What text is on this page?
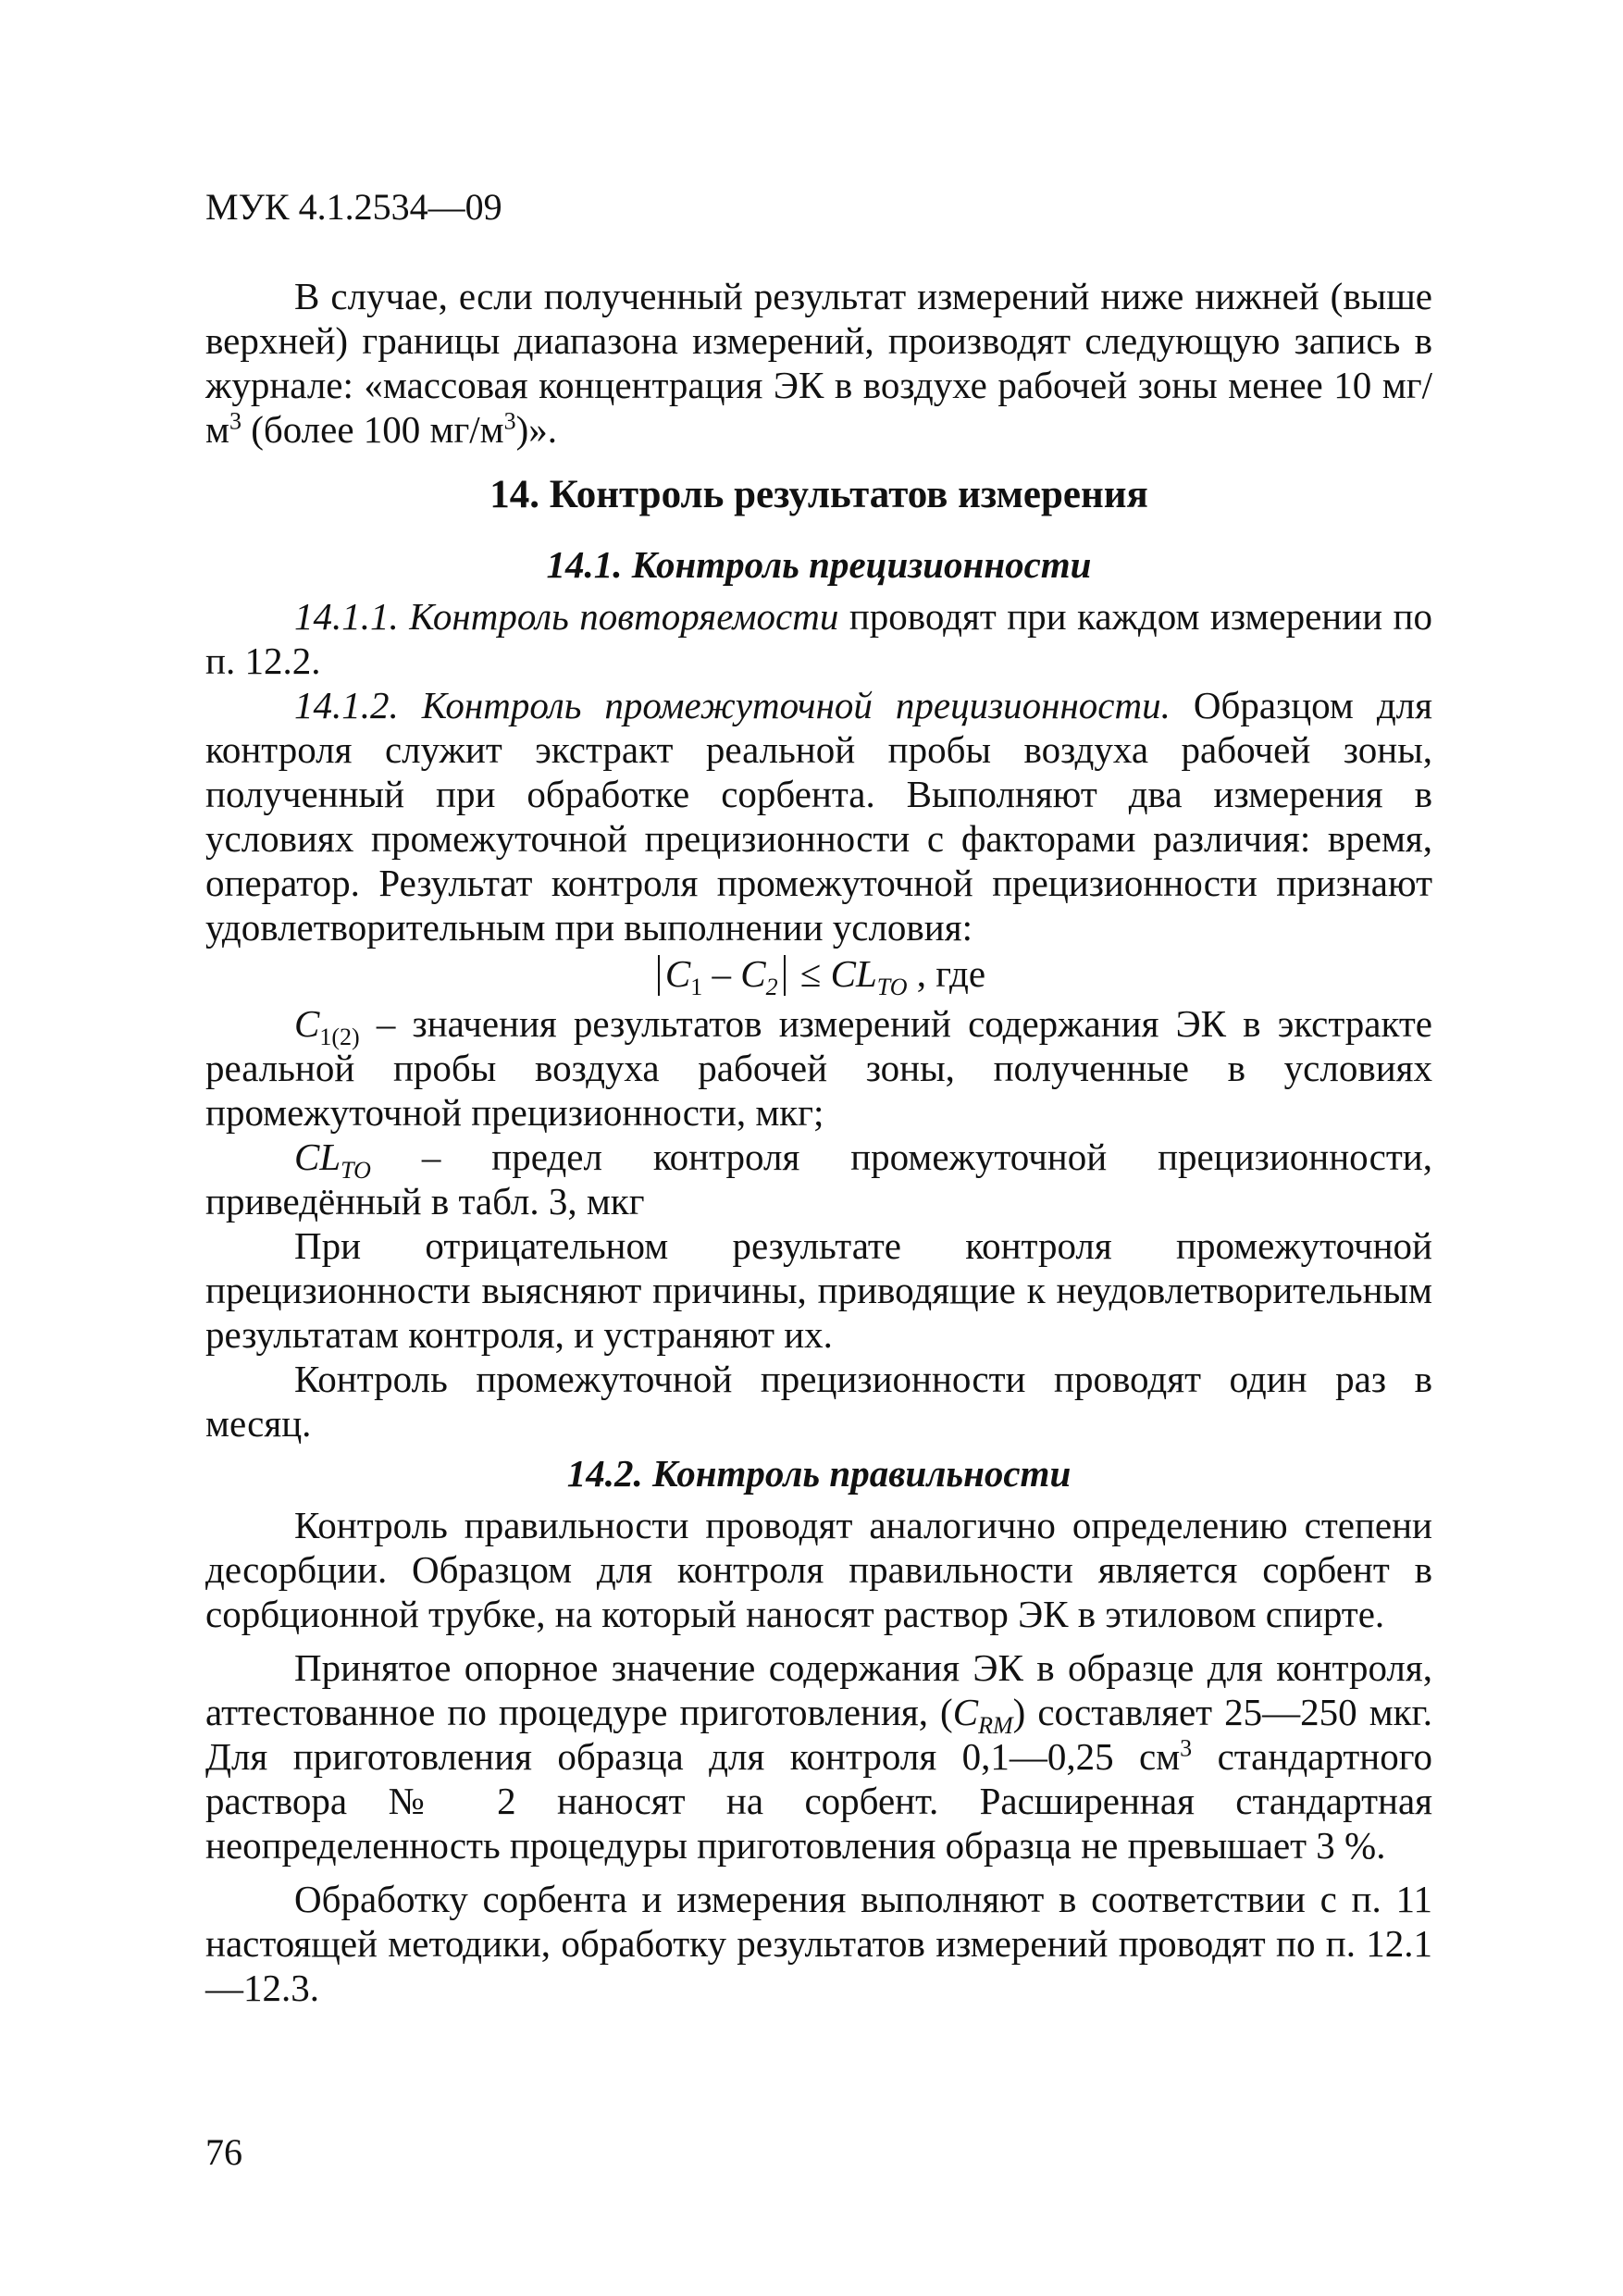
МУК 4.1.2534—09

В случае, если полученный результат измерений ниже нижней (выше верхней) границы диапазона измерений, производят следующую запись в журнале: «массовая концентрация ЭК в воздухе рабочей зоны менее 10 $мг/м^3$ (более 100 $мг/м^3$)».

14. Контроль результатов измерения
14.1. Контроль прецизионности

14.1.1. Контроль повторяемости проводят при каждом измерении по п. 12.2.

14.1.2. Контроль промежуточной прецизионности. Образцом для контроля служит экстракт реальной пробы воздуха рабочей зоны, полученный при обработке сорбента. Выполняют два измерения в условиях промежуточной прецизионности с факторами различия: время, оператор. Результат контроля промежуточной прецизионности признают удовлетворительным при выполнении условия:

$C_1 - C_2 \le CL_{TO}$ , где

$C_{1(2)}$ – значения результатов измерений содержания ЭК в экстракте реальной пробы воздуха рабочей зоны, полученные в условиях промежуточной прецизионности, мкг;

$CL_{TO}$ – предел контроля промежуточной прецизионности, приведённый в табл. 3, мкг

При отрицательном результате контроля промежуточной прецизионности выясняют причины, приводящие к неудовлетворительным результатам контроля, и устраняют их.

Контроль промежуточной прецизионности проводят один раз в месяц.

14.2. Контроль правильности

Контроль правильности проводят аналогично определению степени десорбции. Образцом для контроля правильности является сорбент в сорбционной трубке, на который наносят раствор ЭК в этиловом спирте.

Принятое опорное значение содержания ЭК в образце для контроля, аттестованное по процедуре приготовления, $(C_{RM})$ составляет 25—250 мкг. Для приготовления образца для контроля 0,1—0,25 $см^3$ стандартного раствора № 2 наносят на сорбент. Расширенная стандартная неопределенность процедуры приготовления образца не превышает 3 %.

Обработку сорбента и измерения выполняют в соответствии с п. 11 настоящей методики, обработку результатов измерений проводят по п. 12.1—12.3.

76
